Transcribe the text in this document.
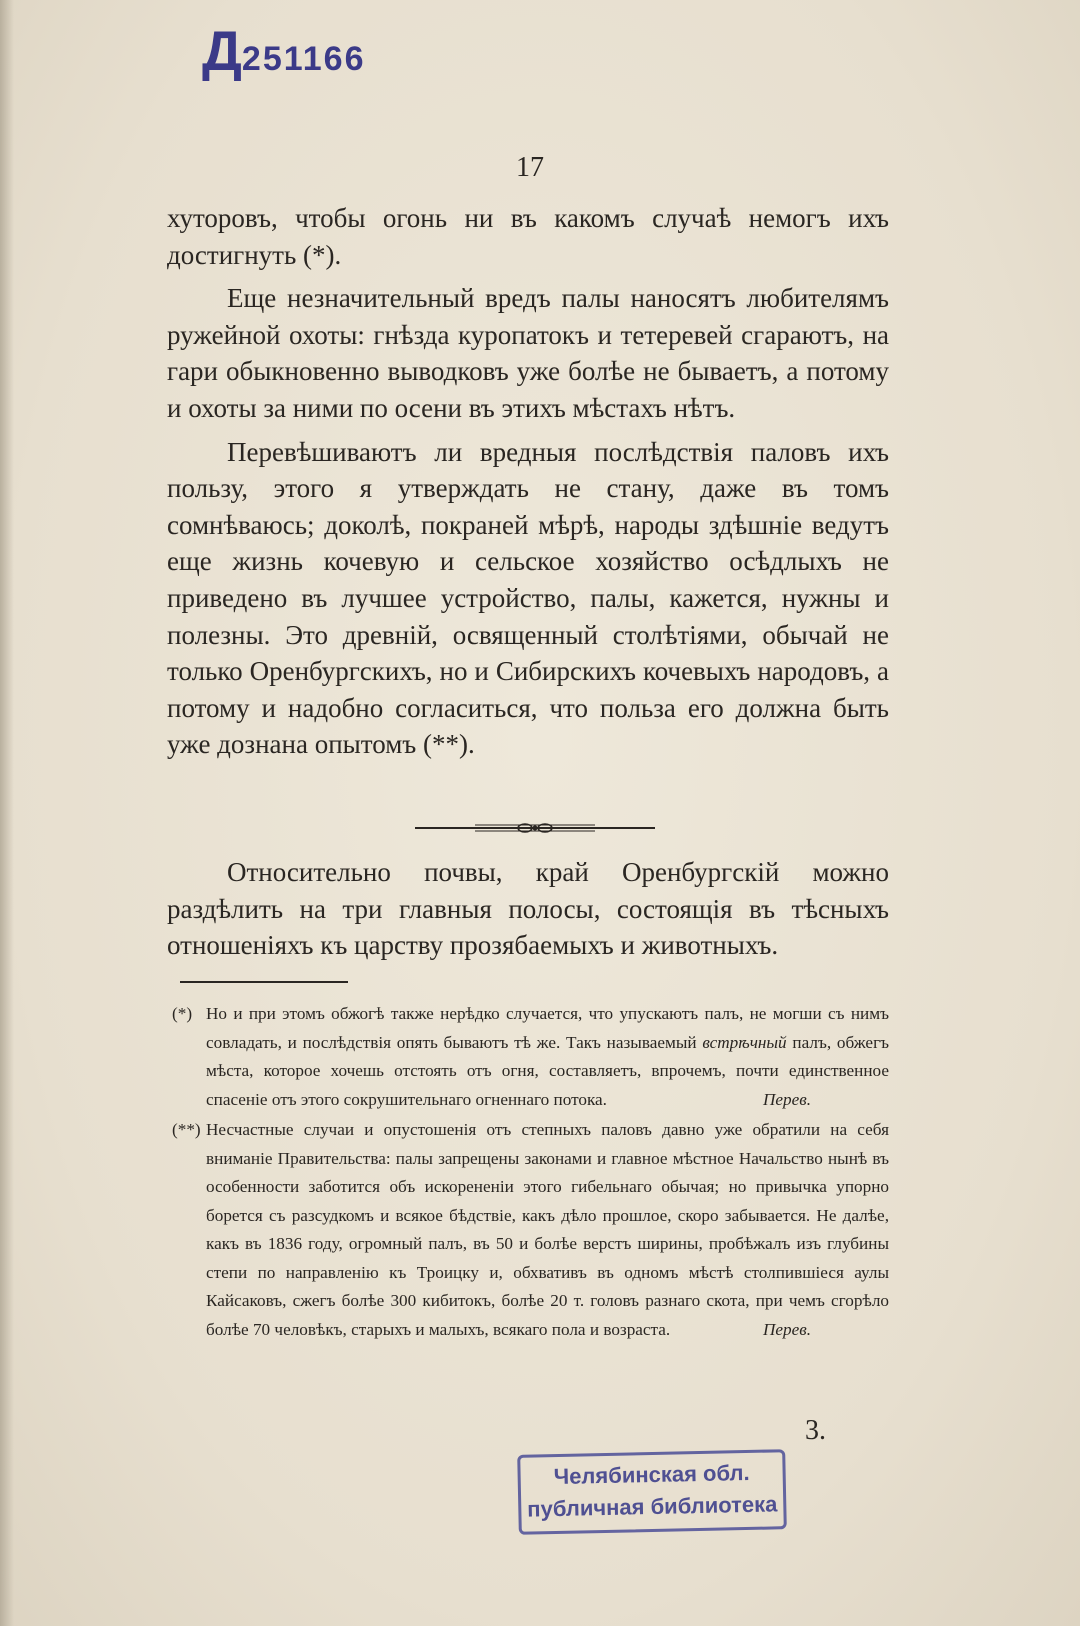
Д251166
17

хуторовъ, чтобы огонь ни въ какомъ случаѣ немогъ ихъ достигнуть (*).

Еще незначительный вредъ палы наносятъ любителямъ ружейной охоты: гнѣзда куропатокъ и тетеревей сгараютъ, на гари обыкновенно выводковъ уже болѣе не бываетъ, а потому и охоты за ними по осени въ этихъ мѣстахъ нѣтъ.

Перевѣшиваютъ ли вредныя послѣдствія паловъ ихъ пользу, этого я утверждать не стану, даже въ томъ сомнѣваюсь; доколѣ, покраней мѣрѣ, народы здѣшніе ведутъ еще жизнь кочевую и сельское хозяйство осѣдлыхъ не приведено въ лучшее устройство, палы, кажется, нужны и полезны. Это древній, освященный столѣтіями, обычай не только Оренбургскихъ, но и Сибирскихъ кочевыхъ народовъ, а потому и надобно согласиться, что польза его должна быть уже дознана опытомъ (**).

Относительно почвы, край Оренбургскій можно раздѣлить на три главныя полосы, состоящія въ тѣсныхъ отношеніяхъ къ царству прозябаемыхъ и животныхъ.

(*) Но и при этомъ обжогѣ также нерѣдко случается, что упускаютъ палъ, не могши съ нимъ совладать, и послѣдствія опять бываютъ тѣ же. Такъ называемый встрѣчный палъ, обжегъ мѣста, которое хочешь отстоять отъ огня, составляетъ, впрочемъ, почти единственное спасеніе отъ этого сокрушительнаго огненнаго потока.	Перев.

(**) Несчастные случаи и опустошенія отъ степныхъ паловъ давно уже обратили на себя вниманіе Правительства: палы запрещены законами и главное мѣстное Начальство нынѣ въ особенности заботится объ искорененіи этого гибельнаго обычая; но привычка упорно борется съ разсудкомъ и всякое бѣдствіе, какъ дѣло прошлое, скоро забывается. Не далѣе, какъ въ 1836 году, огромный палъ, въ 50 и болѣе верстъ ширины, пробѣжалъ изъ глубины степи по направленію къ Троицку и, обхвативъ въ одномъ мѣстѣ столпившіеся аулы Кайсаковъ, сжегъ болѣе 300 кибитокъ, болѣе 20 т. головъ разнаго скота, при чемъ сгорѣло болѣе 70 человѣкъ, старыхъ и малыхъ, всякаго пола и возраста.	Перев.

3.
Челябинская обл.
публичная библиотека
